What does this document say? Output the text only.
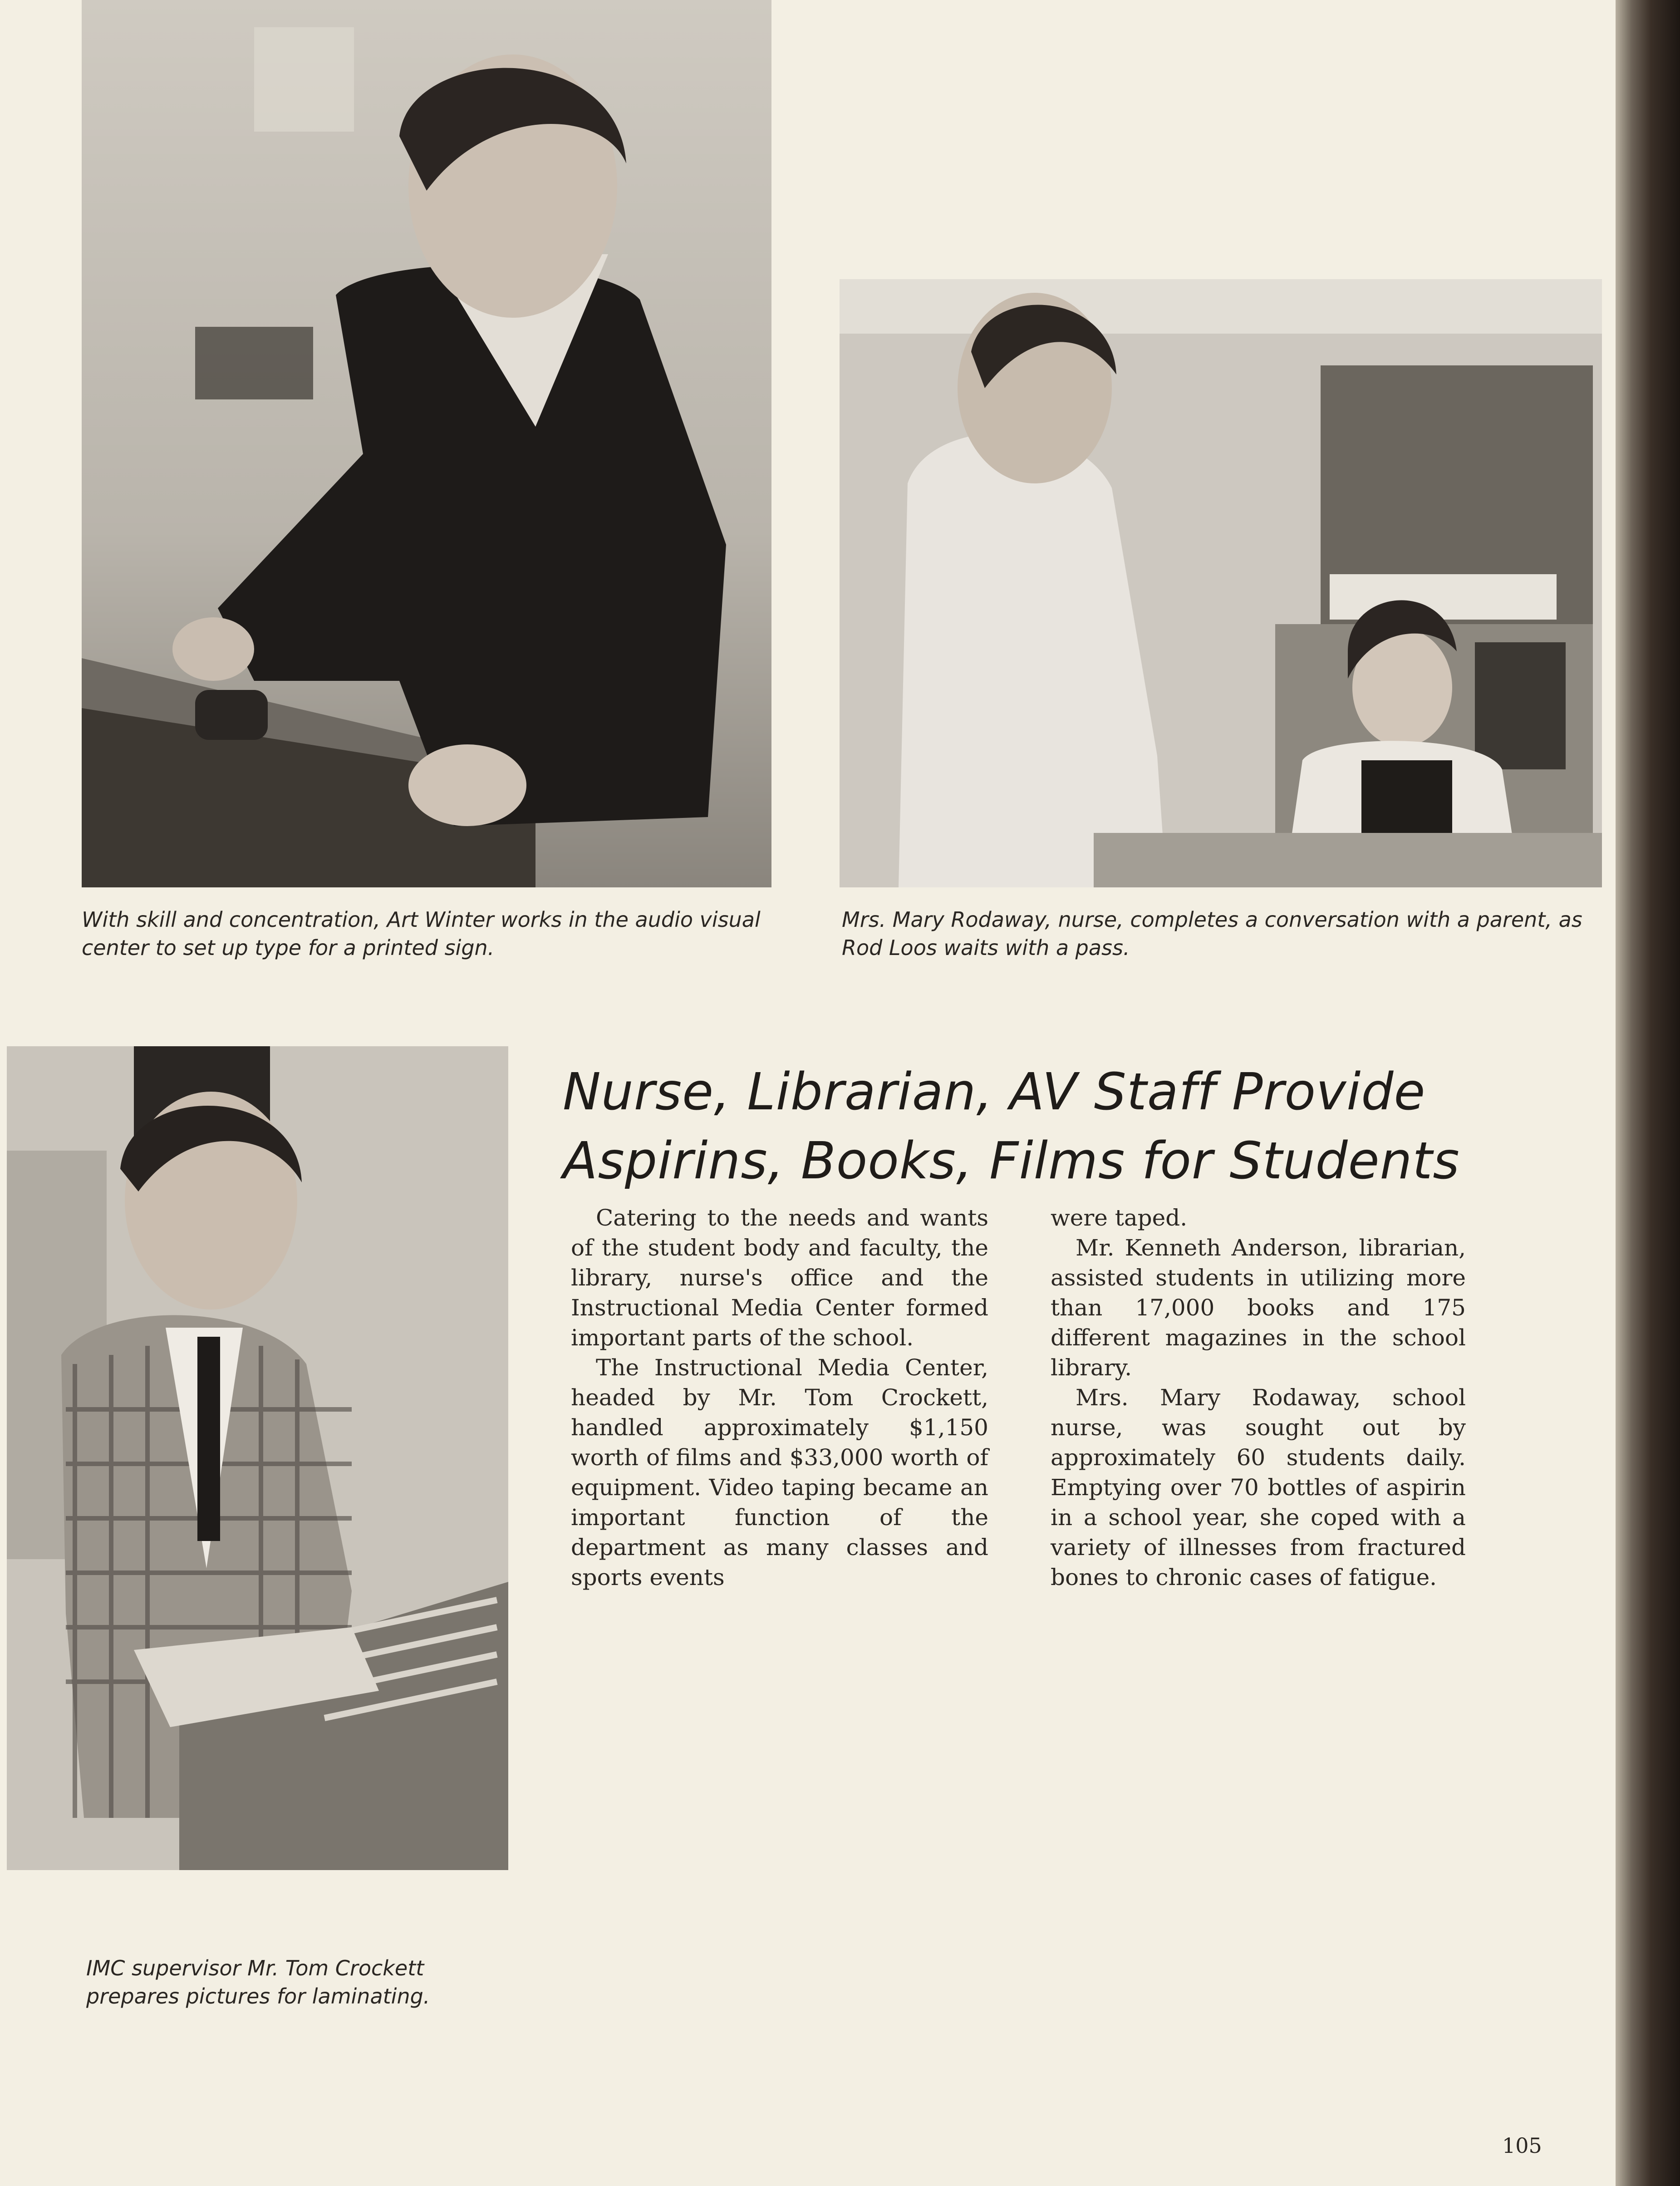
With skill and concentration, Art Winter works in the audio visual center to set up type for a printed sign.

Mrs. Mary Rodaway, nurse, completes a conversation with a parent, as Rod Loos waits with a pass.

IMC supervisor Mr. Tom Crockett prepares pictures for laminating.

Nurse, Librarian, AV Staff Provide
Aspirins, Books, Films for Students

Catering to the needs and wants of the student body and faculty, the library, nurse's office and the Instructional Media Center formed important parts of the school.

The Instructional Media Center, headed by Mr. Tom Crockett, handled approximately $1,150 worth of films and $33,000 worth of equipment. Video taping became an important function of the department as many classes and sports events

were taped.

Mr. Kenneth Anderson, librarian, assisted students in utilizing more than 17,000 books and 175 different magazines in the school library.

Mrs. Mary Rodaway, school nurse, was sought out by approximately 60 students daily. Emptying over 70 bottles of aspirin in a school year, she coped with a variety of illnesses from fractured bones to chronic cases of fatigue.

105
